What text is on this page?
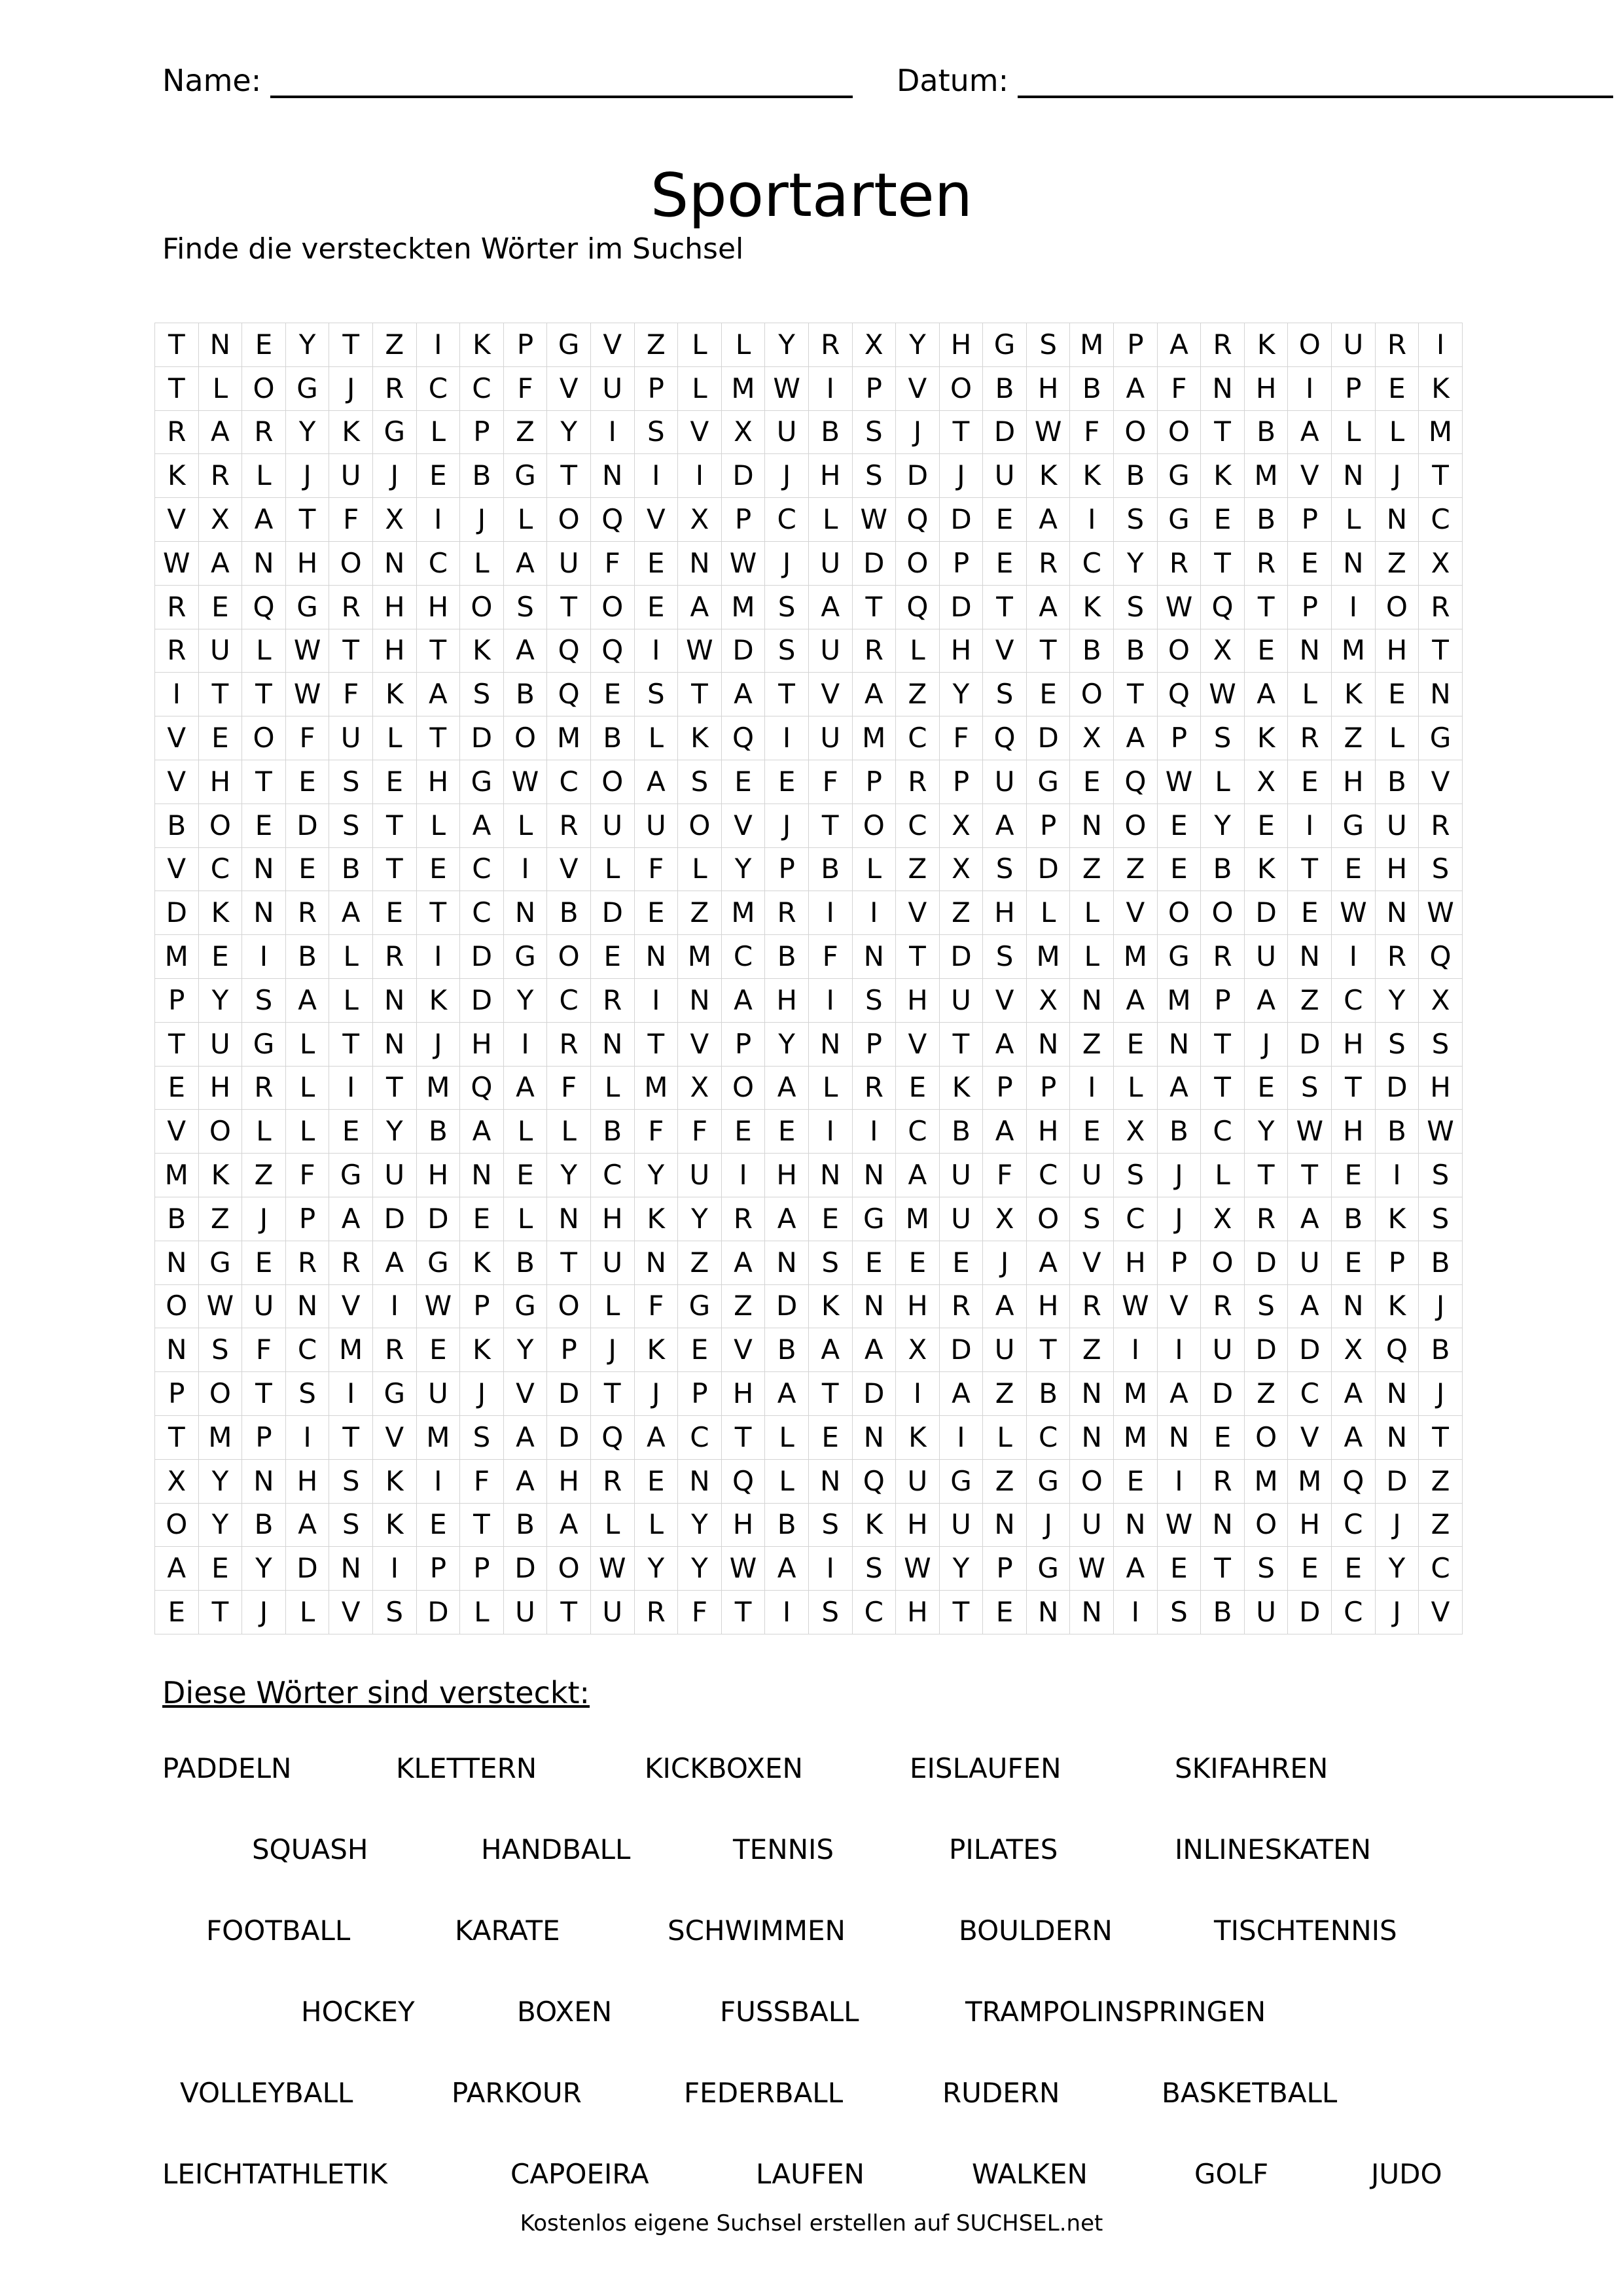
Name:	Datum:
Sportarten
Finde die versteckten Wörter im Suchsel
T	N	E	Y	T	Z	I	K	P	G	V	Z	L	L	Y	R	X	Y	H	G	S	M	P	A	R	K	O	U	R	I
T	L	O	G	J	R	C	C	F	V	U	P	L	M	W	I	P	V	O	B	H	B	A	F	N	H	I	P	E	K
R	A	R	Y	K	G	L	P	Z	Y	I	S	V	X	U	B	S	J	T	D	W	F	O	O	T	B	A	L	L	M
K	R	L	J	U	J	E	B	G	T	N	I	I	D	J	H	S	D	J	U	K	K	B	G	K	M	V	N	J	T
V	X	A	T	F	X	I	J	L	O	Q	V	X	P	C	L	W	Q	D	E	A	I	S	G	E	B	P	L	N	C
W	A	N	H	O	N	C	L	A	U	F	E	N	W	J	U	D	O	P	E	R	C	Y	R	T	R	E	N	Z	X
R	E	Q	G	R	H	H	O	S	T	O	E	A	M	S	A	T	Q	D	T	A	K	S	W	Q	T	P	I	O	R
R	U	L	W	T	H	T	K	A	Q	Q	I	W	D	S	U	R	L	H	V	T	B	B	O	X	E	N	M	H	T
I	T	T	W	F	K	A	S	B	Q	E	S	T	A	T	V	A	Z	Y	S	E	O	T	Q	W	A	L	K	E	N
V	E	O	F	U	L	T	D	O	M	B	L	K	Q	I	U	M	C	F	Q	D	X	A	P	S	K	R	Z	L	G
V	H	T	E	S	E	H	G	W	C	O	A	S	E	E	F	P	R	P	U	G	E	Q	W	L	X	E	H	B	V
B	O	E	D	S	T	L	A	L	R	U	U	O	V	J	T	O	C	X	A	P	N	O	E	Y	E	I	G	U	R
V	C	N	E	B	T	E	C	I	V	L	F	L	Y	P	B	L	Z	X	S	D	Z	Z	E	B	K	T	E	H	S
D	K	N	R	A	E	T	C	N	B	D	E	Z	M	R	I	I	V	Z	H	L	L	V	O	O	D	E	W	N	W
M	E	I	B	L	R	I	D	G	O	E	N	M	C	B	F	N	T	D	S	M	L	M	G	R	U	N	I	R	Q
P	Y	S	A	L	N	K	D	Y	C	R	I	N	A	H	I	S	H	U	V	X	N	A	M	P	A	Z	C	Y	X
T	U	G	L	T	N	J	H	I	R	N	T	V	P	Y	N	P	V	T	A	N	Z	E	N	T	J	D	H	S	S
E	H	R	L	I	T	M	Q	A	F	L	M	X	O	A	L	R	E	K	P	P	I	L	A	T	E	S	T	D	H
V	O	L	L	E	Y	B	A	L	L	B	F	F	E	E	I	I	C	B	A	H	E	X	B	C	Y	W	H	B	W
M	K	Z	F	G	U	H	N	E	Y	C	Y	U	I	H	N	N	A	U	F	C	U	S	J	L	T	T	E	I	S
B	Z	J	P	A	D	D	E	L	N	H	K	Y	R	A	E	G	M	U	X	O	S	C	J	X	R	A	B	K	S
N	G	E	R	R	A	G	K	B	T	U	N	Z	A	N	S	E	E	E	J	A	V	H	P	O	D	U	E	P	B
O	W	U	N	V	I	W	P	G	O	L	F	G	Z	D	K	N	H	R	A	H	R	W	V	R	S	A	N	K	J
N	S	F	C	M	R	E	K	Y	P	J	K	E	V	B	A	A	X	D	U	T	Z	I	I	U	D	D	X	Q	B
P	O	T	S	I	G	U	J	V	D	T	J	P	H	A	T	D	I	A	Z	B	N	M	A	D	Z	C	A	N	J
T	M	P	I	T	V	M	S	A	D	Q	A	C	T	L	E	N	K	I	L	C	N	M	N	E	O	V	A	N	T
X	Y	N	H	S	K	I	F	A	H	R	E	N	Q	L	N	Q	U	G	Z	G	O	E	I	R	M	M	Q	D	Z
O	Y	B	A	S	K	E	T	B	A	L	L	Y	H	B	S	K	H	U	N	J	U	N	W	N	O	H	C	J	Z
A	E	Y	D	N	I	P	P	D	O	W	Y	Y	W	A	I	S	W	Y	P	G	W	A	E	T	S	E	E	Y	C
E	T	J	L	V	S	D	L	U	T	U	R	F	T	I	S	C	H	T	E	N	N	I	S	B	U	D	C	J	V
Diese Wörter sind versteckt:
PADDELN	KLETTERN	KICKBOXEN	EISLAUFEN	SKIFAHREN
SQUASH	HANDBALL	TENNIS	PILATES	INLINESKATEN
FOOTBALL	KARATE	SCHWIMMEN	BOULDERN	TISCHTENNIS
HOCKEY	BOXEN	FUSSBALL	TRAMPOLINSPRINGEN
VOLLEYBALL	PARKOUR	FEDERBALL	RUDERN	BASKETBALL
LEICHTATHLETIK	CAPOEIRA	LAUFEN	WALKEN	GOLF	JUDO
Kostenlos eigene Suchsel erstellen auf SUCHSEL.net
